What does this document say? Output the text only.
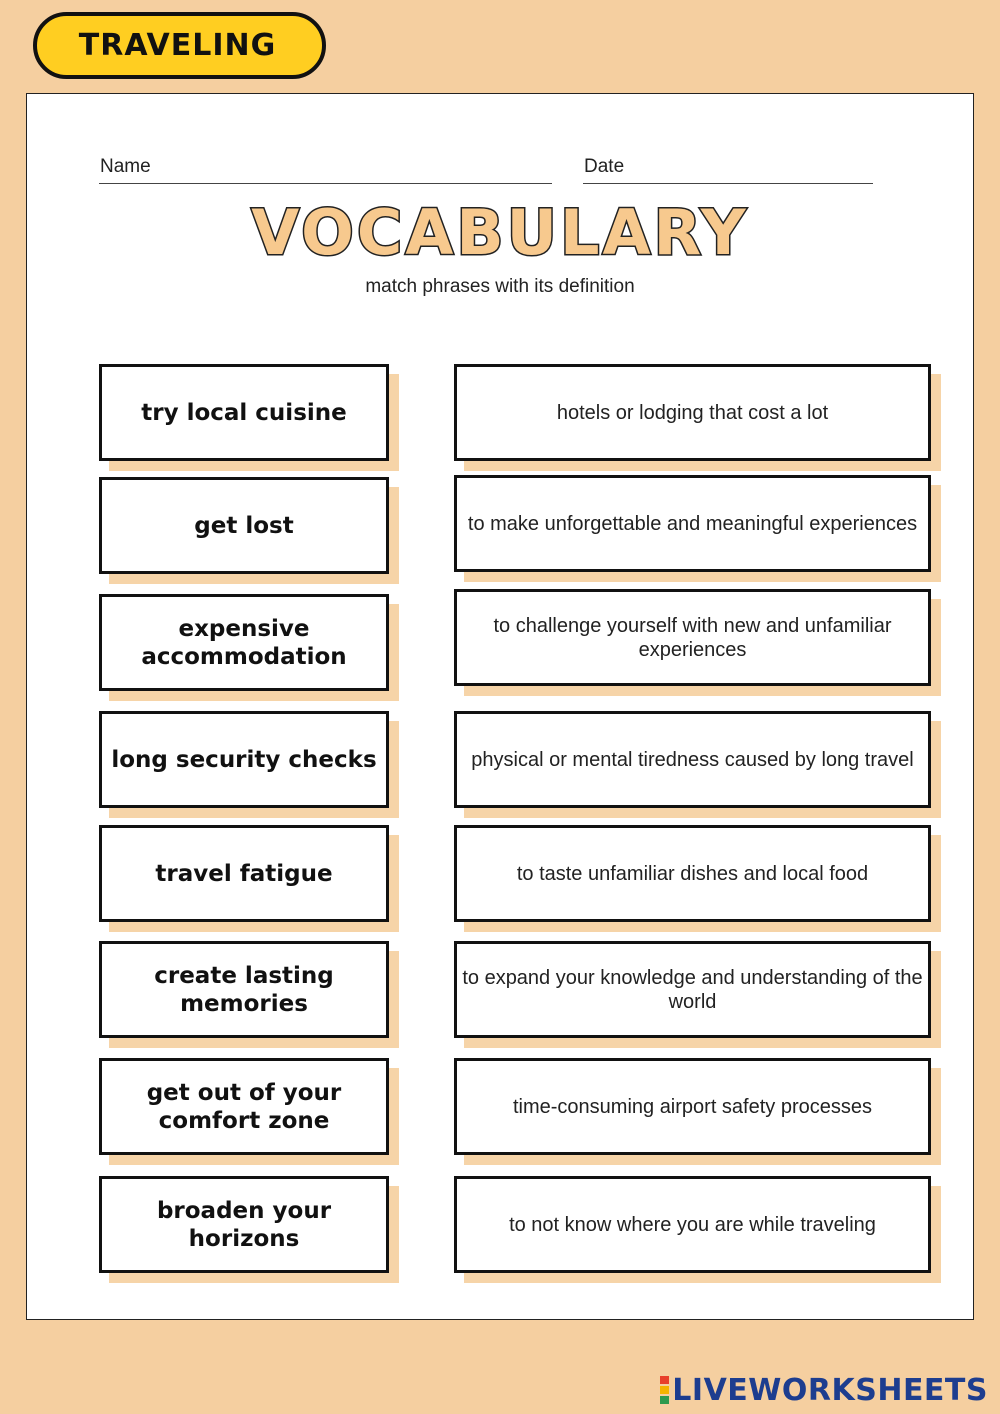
TRAVELING
Name	Date
VOCABULARY
match phrases with its definition
try local cuisine
get lost
expensive accommodation
long security checks
travel fatigue
create lasting memories
get out of your comfort zone
broaden your horizons
hotels or lodging that cost a lot
to make unforgettable and meaningful experiences
to challenge yourself with new and unfamiliar experiences
physical or mental tiredness caused by long travel
to taste unfamiliar dishes and local food
to expand your knowledge and understanding of the world
time-consuming airport safety processes
to not know where you are while traveling
LIVEWORKSHEETS
